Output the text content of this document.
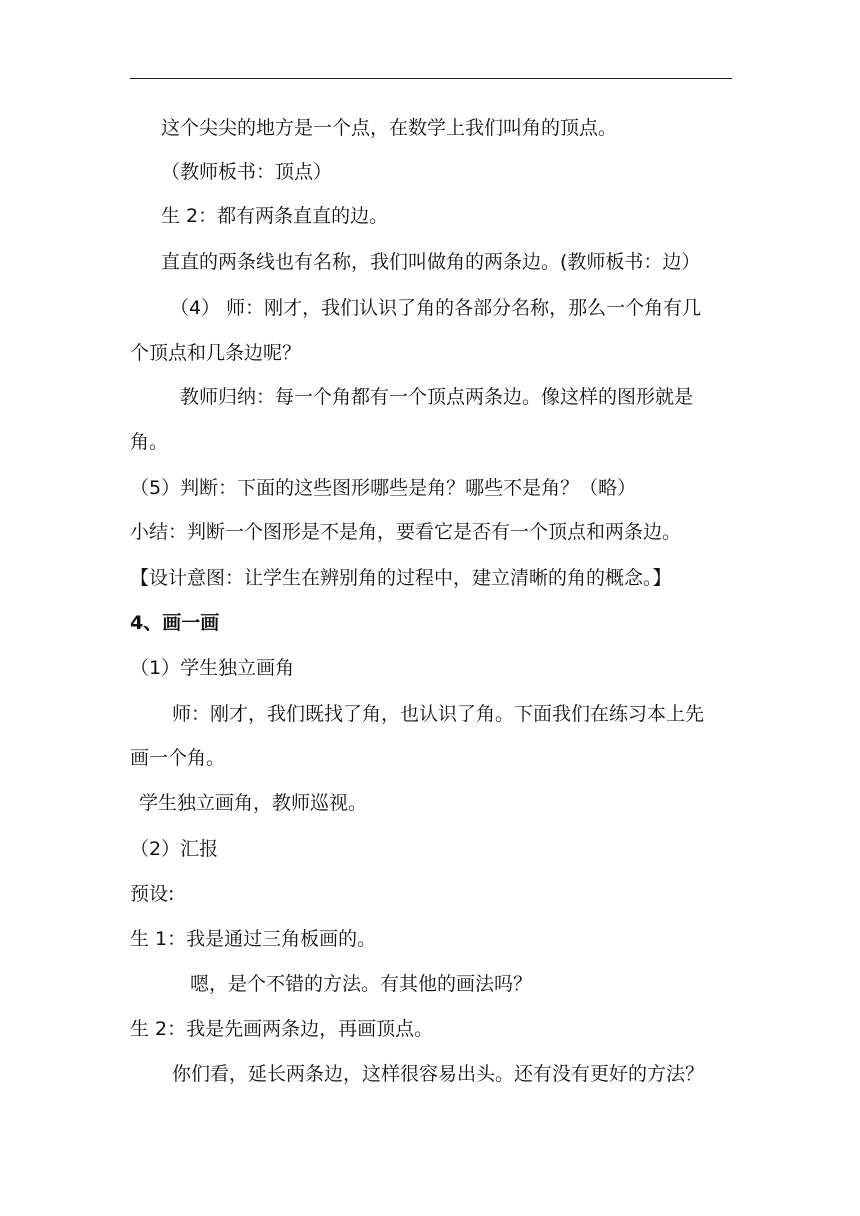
这个尖尖的地方是一个点，在数学上我们叫角的顶点。
（教师板书：顶点）
生 2：都有两条直直的边。
直直的两条线也有名称，我们叫做角的两条边。(教师板书：边）
（4） 师：刚才，我们认识了角的各部分名称，那么一个角有几
个顶点和几条边呢？
教师归纳：每一个角都有一个顶点两条边。像这样的图形就是
角。
（5）判断：下面的这些图形哪些是角？哪些不是角？（略）
小结：判断一个图形是不是角，要看它是否有一个顶点和两条边。
【设计意图：让学生在辨别角的过程中，建立清晰的角的概念。】
4、画一画
（1）学生独立画角
师：刚才，我们既找了角，也认识了角。下面我们在练习本上先
画一个角。
学生独立画角，教师巡视。
（2）汇报
预设:
生 1：我是通过三角板画的。
嗯，是个不错的方法。有其他的画法吗？
生 2：我是先画两条边，再画顶点。
你们看，延长两条边，这样很容易出头。还有没有更好的方法？
